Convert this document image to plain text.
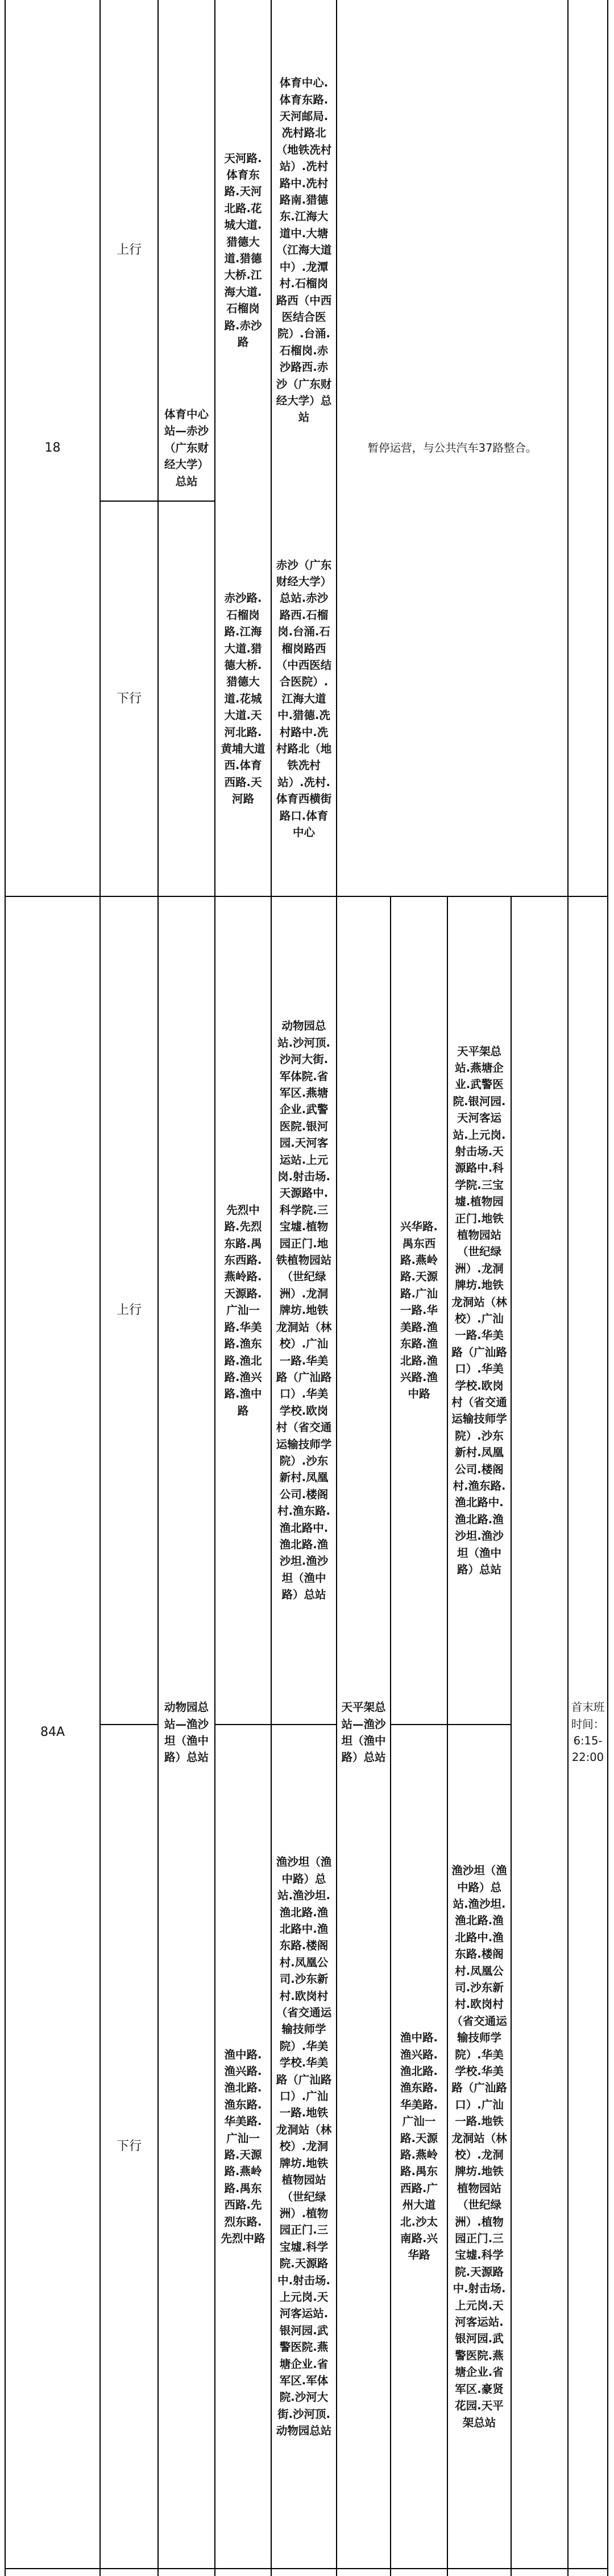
18
上行
下行
体育中心站—赤沙（广东财经大学）总站
天河路.体育东路.天河北路.花城大道.猎德大道.猎德大桥.江海大道.石榴岗路.赤沙路
体育中心.体育东路.天河邮局.冼村路北（地铁冼村站）.冼村路中.冼村路南.猎德东.江海大道中.大塘（江海大道中）.龙潭村.石榴岗路西（中西医结合医院）.台涌.石榴岗.赤沙路西.赤沙（广东财经大学）总站
赤沙路.石榴岗路.江海大道.猎德大桥.猎德大道.花城大道.天河北路.黄埔大道西.体育西路.天河路
赤沙（广东财经大学）总站.赤沙路西.石榴岗.台涌.石榴岗路西（中西医结合医院）.江海大道中.猎德.冼村路中.冼村路北（地铁冼村站）.冼村.体育西横街路口.体育中心
暂停运营，与公共汽车37路整合。
84A
上行
下行
动物园总站—渔沙坦（渔中路）总站
先烈中路.先烈东路.禺东西路.燕岭路.天源路.广汕一路.华美路.渔东路.渔北路.渔兴路.渔中路
动物园总站.沙河顶.沙河大街.军体院.省军区.燕塘企业.武警医院.银河园.天河客运站.上元岗.射击场.天源路中.科学院.三宝墟.植物园正门.地铁植物园站（世纪绿洲）.龙洞牌坊.地铁龙洞站（林校）.广汕一路.华美路（广汕路口）.华美学校.欧岗村（省交通运输技师学院）.沙东新村.凤凰公司.楼阁村.渔东路.渔北路中.渔北路.渔沙坦.渔沙坦（渔中路）总站
渔中路.渔兴路.渔北路.渔东路.华美路.广汕一路.天源路.燕岭路.禺东西路.先烈东路.先烈中路
渔沙坦（渔中路）总站.渔沙坦.渔北路.渔北路中.渔东路.楼阁村.凤凰公司.沙东新村.欧岗村（省交通运输技师学院）.华美学校.华美路（广汕路口）.广汕一路.地铁龙洞站（林校）.龙洞牌坊.地铁植物园站（世纪绿洲）.植物园正门.三宝墟.科学院.天源路中.射击场.上元岗.天河客运站.银河园.武警医院.燕塘企业.省军区.军体院.沙河大街.沙河顶.动物园总站
天平架总站—渔沙坦（渔中路）总站
兴华路.禺东西路.燕岭路.天源路.广汕一路.华美路.渔东路.渔北路.渔兴路.渔中路
天平架总站.燕塘企业.武警医院.银河园.天河客运站.上元岗.射击场.天源路中.科学院.三宝墟.植物园正门.地铁植物园站（世纪绿洲）.龙洞牌坊.地铁龙洞站（林校）.广汕一路.华美路（广汕路口）.华美学校.欧岗村（省交通运输技师学院）.沙东新村.凤凰公司.楼阁村.渔东路.渔北路中.渔北路.渔沙坦.渔沙坦（渔中路）总站
渔中路.渔兴路.渔北路.渔东路.华美路.广汕一路.天源路.燕岭路.禺东西路.广州大道北.沙太南路.兴华路
渔沙坦（渔中路）总站.渔沙坦.渔北路.渔北路中.渔东路.楼阁村.凤凰公司.沙东新村.欧岗村（省交通运输技师学院）.华美学校.华美路（广汕路口）.广汕一路.地铁龙洞站（林校）.龙洞牌坊.地铁植物园站（世纪绿洲）.植物园正门.三宝墟.科学院.天源路中.射击场.上元岗.天河客运站.银河园.武警医院.燕塘企业.省军区.豪贤花园.天平架总站
首末班时间：6:15-22:00
